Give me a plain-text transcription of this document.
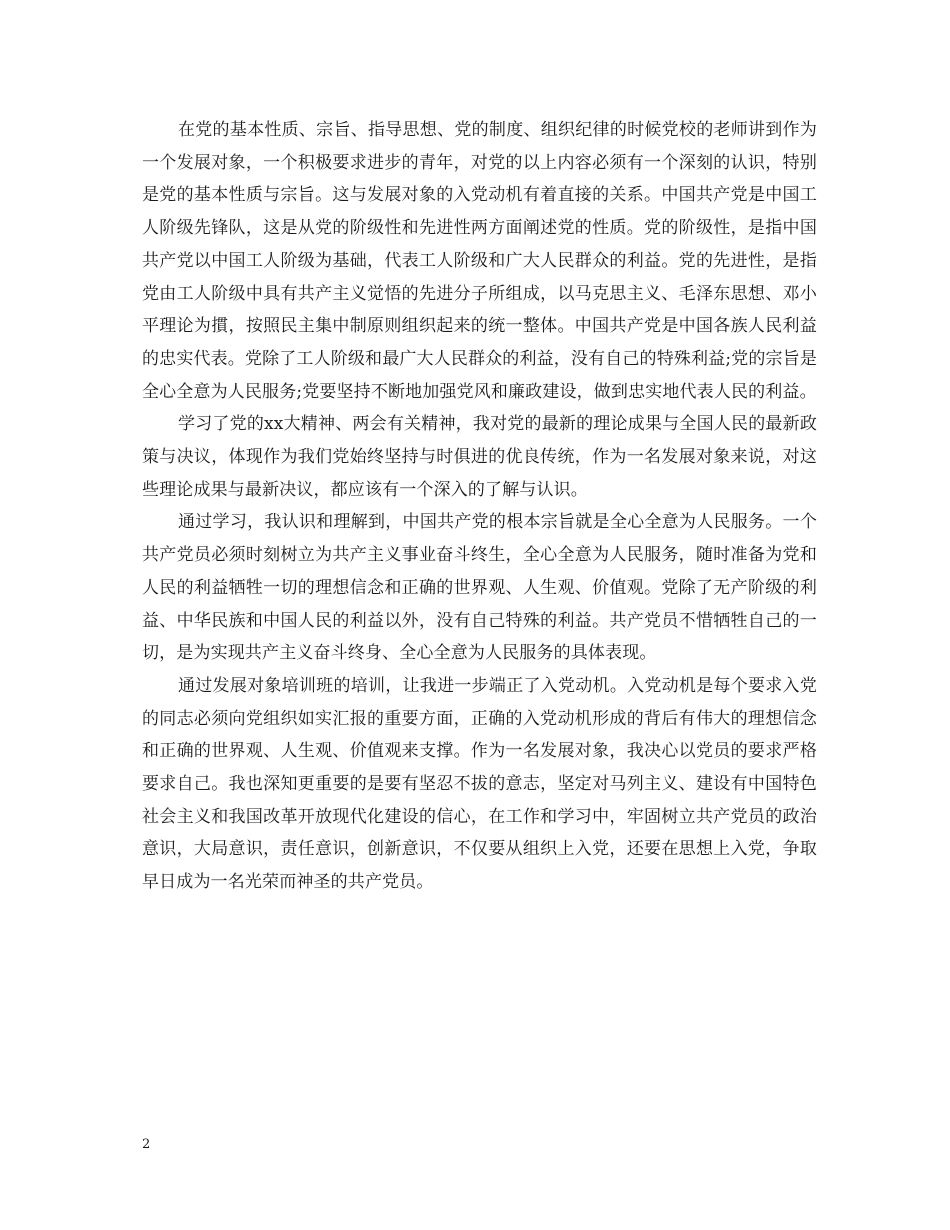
在党的基本性质、宗旨、指导思想、党的制度、组织纪律的时候党校的老师讲到作为一个发展对象，一个积极要求进步的青年，对党的以上内容必须有一个深刻的认识，特别是党的基本性质与宗旨。这与发展对象的入党动机有着直接的关系。中国共产党是中国工人阶级先锋队，这是从党的阶级性和先进性两方面阐述党的性质。党的阶级性，是指中国共产党以中国工人阶级为基础，代表工人阶级和广大人民群众的利益。党的先进性，是指党由工人阶级中具有共产主义觉悟的先进分子所组成，以马克思主义、毛泽东思想、邓小平理论为摜，按照民主集中制原则组织起来的统一整体。中国共产党是中国各族人民利益的忠实代表。党除了工人阶级和最广大人民群众的利益，没有自己的特殊利益;党的宗旨是全心全意为人民服务;党要坚持不断地加强党风和廉政建设，做到忠实地代表人民的利益。

学习了党的xx大精神、两会有关精神，我对党的最新的理论成果与全国人民的最新政策与决议，体现作为我们党始终坚持与时俱进的优良传统，作为一名发展对象来说，对这些理论成果与最新决议，都应该有一个深入的了解与认识。

通过学习，我认识和理解到，中国共产党的根本宗旨就是全心全意为人民服务。一个共产党员必须时刻树立为共产主义事业奋斗终生，全心全意为人民服务，随时准备为党和人民的利益牺牲一切的理想信念和正确的世界观、人生观、价值观。党除了无产阶级的利益、中华民族和中国人民的利益以外，没有自己特殊的利益。共产党员不惜牺牲自己的一切，是为实现共产主义奋斗终身、全心全意为人民服务的具体表现。

通过发展对象培训班的培训，让我进一步端正了入党动机。入党动机是每个要求入党的同志必须向党组织如实汇报的重要方面，正确的入党动机形成的背后有伟大的理想信念和正确的世界观、人生观、价值观来支撑。作为一名发展对象，我决心以党员的要求严格要求自己。我也深知更重要的是要有坚忍不拔的意志，坚定对马列主义、建设有中国特色社会主义和我国改革开放现代化建设的信心，在工作和学习中，牢固树立共产党员的政治意识，大局意识，责任意识，创新意识，不仅要从组织上入党，还要在思想上入党，争取早日成为一名光荣而神圣的共产党员。

2
